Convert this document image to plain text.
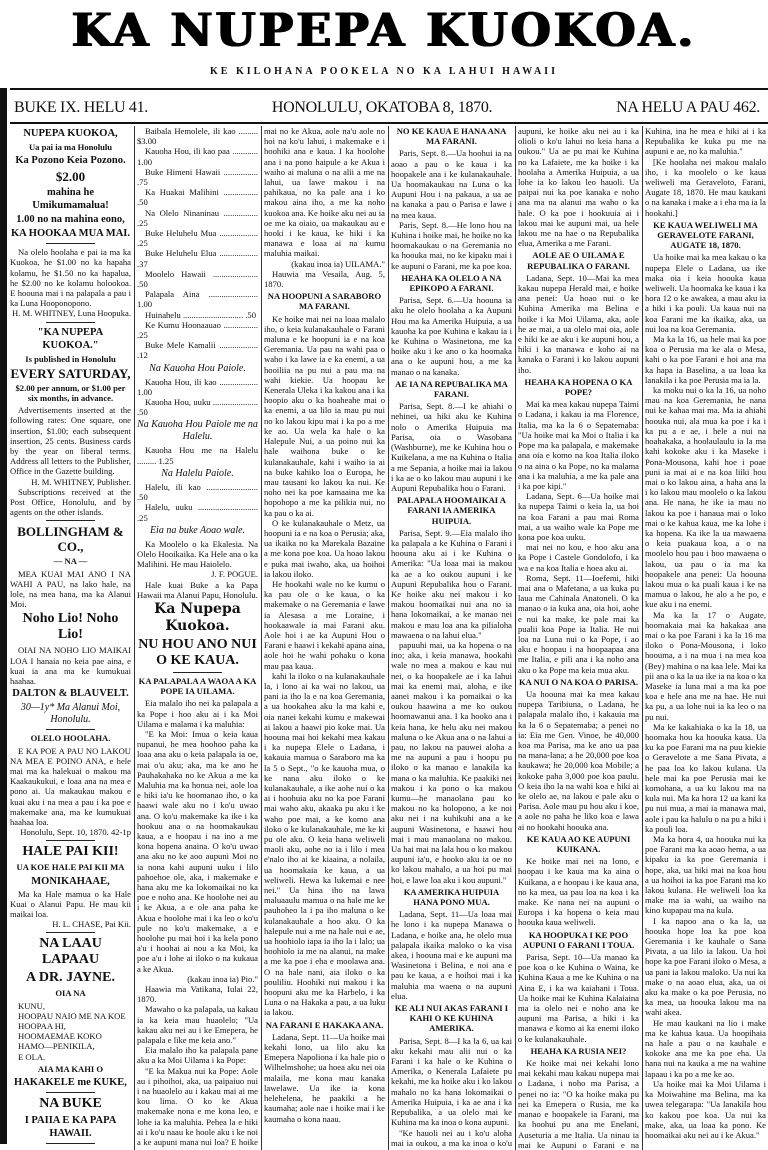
KA NUPEPA KUOKOA.
KE KILOHANA POOKELA NO KA LAHUI HAWAII
BUKE IX. HELU 41.	HONOLULU, OKATOBA 8, 1870.	NA HELU A PAU 462.

NUPEPA KUOKOA,

Ua pai ia ma Honolulu

Ka Pozono Keia Pozono.

$2.00

mahina he Umikumamalua!

1.00 no na mahina eono,

KA HOOKAA MUA MAI.

Na olelo hoolaha e pai ia ma ka Kuokoa, he $1.00 no ka hapaha kolamu, he $1.50 no ka hapalua, he $2.00 no ke kolamu holookoa. E hoouna mai i na palapala a pau i ka Luna Hooponopono.

H. M. WHITNEY, Luna Hoopuka.

"KA NUPEPA KUOKOA."

Is published in Honolulu

EVERY SATURDAY,

$2.00 per annum, or $1.00 per six months, in advance.

Advertisements inserted at the following rates: One square, one insertion, $1.00; each subsequent insertion, 25 cents. Business cards by the year on liberal terms. Address all letters to the Publisher, Office in the Gazette building.

H. M. WHITNEY, Publisher.

Subscriptions received at the Post Office, Honolulu, and by agents on the other islands.

BOLLINGHAM & CO.,

— NA —

MEA KUAI MAI ANO I NA WAHI A PAU, na lako hale, na lole, na mea hana, ma ka Alanui Moi.

Noho Lio! Noho Lio!

OIAI NA NOHO LIO MAIKAI LOA I hanaia no keia pae aina, e kuai ia ana ma ke kumukuai haahaa.

DALTON & BLAUVELT.

30—1y* Ma Alanui Moi, Honolulu.

OLELO HOOLAHA.

E KA POE A PAU NO LAKOU NA MEA E POINO ANA, e hele mai ma ka halekuai o makou ma Kaakaukukui, e loaa ana na mea e pono ai. Ua makaukau makou e kuai aku i na mea a pau i ka poe e makemake ana, ma ke kumukuai haahaa loa.

Honolulu, Sept. 10, 1870. 42-1p

HALE PAI KII!

UA KOE HALE PAI KII MA

MONIKAHAAE,

Ma ka Hale mamua o ka Hale Kuai o Alanui Papu. He mau kii maikai loa.

H. L. CHASE, Pai Kii.

NA LAAU LAPAAU

A DR. JAYNE.

OIA NA

KUNU,

HOOPAU NAIO ME NA KOE

HOOPAA HI,

HOOMAEMAE KOKO

HAMO—PENIKILA,

E OLA.

AIA MA KAHI O

HAKAKELE me KUKE,

NA BUKE

I PAIIA E KA PAPA HAWAII.

Baibala Hemolele, ili kao ......... $3.00

Kauoha Hou, ili kao paa ............ 1.00

Buke Himeni Hawaii ................ .75

Ka Huakai Malihini ................ .50

Na Olelo Ninaninau ................ .25

Buke Heluhelu Mua .................. .25

Buke Heluhelu Elua .................. .37

Moolelo Hawaii ..................... .50

Palapala Aina ....................... 1.00

Huinahelu ............................ .50

Ke Kumu Hoonaauao ................ .25

Buke Mele Kamalii .................. .12

Na Kauoha Hou Paiole.

Kauoha Hou, ili kao .................. 1.00

Kauoha Hou, uuku ..................... .50

Na Kauoha Hou Paiole me na Halelu.

Kauoha Hou me na Halelu ......... 1.25

Na Halelu Paiole.

Halelu, ili kao ........................ .50

Halelu, uuku ............................ .25

Eia na buke Aoao wale.

Ka Moolelo o ka Ekalesia. Na Olelo Hooikaika. Ka Hele ana o ka Malihini. He mau Haiolelo.

J. F. POGUE.

Hale kuai Buke a ka Papa Hawaii ma Alanui Papu, Honolulu.

Ka Nupepa Kuokoa.

NU HOU ANO NUI O KE KAUA.

KA PALAPALA A WAOA A KA POPE IA UILAMA.

Eia malalo iho nei ka palapala a ka Pope i hoo aku ai i ka Moi Uilama e malama i ka maluhia:

"E ka Moi: Imua o keia kaua nupanui, he mea hoohoo paha ka loaa ana aku o keia palapala ia oe, mai o'u aku; aka, ma ke ano he Pauhakahaka no ke Akua a me ka Maluhia ma ka honua nei, aole loa e hiki ia'u ke hoomanao iho, o ka haawi wale aku no i ko'u uwao ana. O ko'u makemake ka ike i ka hookuu ana o na hoomakaukau kaua, a e hoopau i na ino a me kona hopena anaina. O ko'u uwao ana aku no ke aoo aupuni Moi no ia nona kahi aupuni uuku i lilo pahoehoe ole, aka, i makemake e hana aku me ka lokomaikai no ka poe e noho ana. Ke hoolohe nei au i ke Akua, a e ole ana paha ke Akua e hoolohe mai i ka leo o ko'u pule no ko'u makemake, a e hoolohe pu mai hoi i ka kela pono a'u i hoohai ai nou a ka Moi, ka poe a'u i lohe ai iloko o na kukaua a ke Akua.

(kakau inoa ia) Pio."

Haawia ma Vatikana, Iulai 22, 1870.

Mawaho o ka palapala, ua kakau ia ka keia mau huaolelo; "Ua kakau aku nei au i ke Emepera, he palapala e like me keia ano."

Eia malalo iho ka palapala pane aku a ka Moi Uilama i ka Pope:

"E ka Makua nui ka Pope: Aole au i pihoihoi, aka, ua paipaiuo nui i na huaolelo au i kakau mai ai me kou lima. O ko ke Akua makemake nona e me kona leo, e lohe ia ka maluhia. Pehea la e hiki ai i ko'u naau ke hoole aku i ke noi a ke aupuni mana nui loa? E hoike mai no ke Akua, aole na'u aole no hoi na ko'u lahui, i makemake e i hoohiki ana e kaua. I ka hoolohe ana i na pono haipule a ke Akua i waiho ai maluna o na alii a me na lahui, ua lawe makou i na pahikaua, no ka pale ana i ko makou aina iho, a me ka noho kuokoa ana. Ke hoike aku nei au ia oe me ka oiaio, ua makaukau au e hooki i ke kaua, ke hiki i ka manawa e loaa ai na kumu maluhia maikai.

(kakau inoa ia) UILAMA."

Hauwia ma Vesaila, Aug. 5, 1870.

NA HOOPUNI A SARABORO MA FARANI.

Ke hoike mai nei na loaa malalo iho, o keia kulanakauhale o Farani maluna e ke hoopuni ia e na koa Geremania. Ua pau na wahi paa o waho i ka lawe ia e ka enemi, a ua hooiliia na pu nui a pau ma na wahi kiekie. Ua hoopau ke Kenerala Uleka i ka kakou ana i ka hoopio aku o ka hoaheahe mai o ka enemi, a ua lilo ia mau pu nui no ko lakou kipu mai i ka po a me ke ao. Ua wela ka hale o ka Halepule Nui, a ua poino nui ka hale waihona buke o ke kulanakauhale, kahi i waiho ia ai na buke kahiko loa o Europa, he mau tausani ko lakou ka nui. Ke noho nei ka poe kamaaina me ka hopohopo a me ka pilikia nui, no ka pau o ka ai.

O ke kulanakauhale o Metz, ua hoopuni ia e na koa o Perusia; aka, ua ikaika no ka Marekala Bazaine a me kona poe koa. Ua hoao lakou e puka mai iwaho, aka, ua hoihoi ia lakou iloko.

He hookahi wale no ke kumu o ka pau ole o ke kaua, o ka makemake o na Geremania e lawe ia Alesasa a me Loraine, i hookaawale ia mai Farani aku. Aole hoi i ae ka Aupuni Hou o Farani e haawi i kekahi apana aina, aole hoi he wahi pohaku o kona mau paa kaua.

kahi la iloko o na kulanakauhale la, i lono ai ka wai no lakou, ua pani ia iho la e na koa Geremania, a ua hookahea aku la ma kahi e, oia nanei kekahi kumu e makewai ai lakou a haawi pio koke mai. Ua hoouna mai hoi kekahi mea kakau i ka nupepa Elele o Ladana, i kakauia mamua o Saraboro ma ka la 5 o Sept., "o ke kauoha mua, o ke nana aku iloko o ke kulanakauhale, a ike aohe nui o ka ai i hoohuia aku no ka poe Farani mai waho aku, akaaka pu aku i ke waho poe mai, a ke komo ana iloko o ke kulanakauhale, me ke ki pu ole aku. O keia hana weliweli maoli aku, aohe no ia i lilo i mea e'nalo iho ai ke kiaaina, a nolaila, ua hoomakaia ke kaua, a ua weliweli. Hewa ka lukemai e nee nei." Ua hina iho na lawa maluaaulu mamua o na hale me ke pauhoheo la i pa iho maluna o ke kulanakauhale a hoo aku. O ka halepule nui a me na hale nui e ae, ua hoohiolo iapa ia iho la i lalo; ua hoohiolo ia me na alanui, na make a me ka poe i eha e moolawa ana. O na hale nani, aia iloko o ka pouliliu. Hoohiki nui makou i ka hoopuni aku me ka Harbelo, i ka Luna o na Hakaka a pau, a ua luku ia lakou.

NA FARANI E HAKAKA ANA.

Ladana, Sept. 11—Ua hoike mai kekahi lono, ua lilo aku ka Emepera Napoliona i ka hale pio o Wilhelmshohe; ua hoea aku nei oia malaila, me kona mau kanaka lawelawe. Ua ike ia kona helehelena, he paakiki a he kaumaha; aole nae i hoike mai i ke kaumaha o kona naau.

NO KE KAUA E HANA ANA MA FARANI.

Paris, Sept. 8.—Ua hoohui ia na aoao a pau o ke kaua i ka hoopakele ana i ke kulanakauhale. Ua hoomakaukau na Luna o ka Aupuni Hou i na pakaua, a ua ae na kanaka a pau o Parisa e lawe i na mea kaua.

Paris, Sept. 8.—He lono hou na Kuhina i hoike mai, he hoike no ka hoomakaukau o na Geremania no ka hoouka mai, no ke kipaku mai i ke aupuni o Farani, me ka poe koa.

HEAHA KA OLELO A NA EPIKOPO A FARANI.

Parisa, Sept. 6.—Ua hoouna ia aku he olelo hoolaha a ka Aupuni Hou ma ka Amerika Huipuia, a ua kauoha ka poe Kuhina e kakau ia i ke Kuhina o Wasinetona, me ka hoike aku i ke ano o ka hoomaka ana o ke aupuni hou, a me ka manao o na kanaka.

AE IA NA REPUBALIKA MA FARANI.

Parisa, Sept. 8.—I ke ahiahi o nehinei, ua hiki aku ke Kuhina nolo o Amerika Huipuia ma Parisa, oia o Wasobana (Washburne), me ke Kuhina hou o Kuikelana, a me na Kuhina o Italia a me Sepania, a hoike mai ia lakou i ka ae o ko lakou mau aupuni i ke Aupuni Repubalika hou o Farani.

PALAPALA HOOMAIKAI A FARANI IA AMERIKA HUIPUIA.

Parisa, Sept. 9.—Eia malalo iho ka palapala a ke Kuhina o Farani i hoouna aku ai i ke Kuhina o Amerika: "Ua loaa mai ia makou ka ae a ko oukou aupuni i ke Aupuni Repubalika hou o Farani. Ke hoike aku nei makou i ko makou hoomaikai nui ana no ia hana lokomaikai, a ke manao nei makou e mau loa ana ka pilialoha mawaena o na lahui elua."

papuuhi mai, ua ka hopena o na ino; aka, i keia manawa, hookahi wale no mea a makou e kau nui nei, o ka hoopakele ae i ka lahui mai ka enemi mai, aloha, e ike aanei makou i ka pomaikai o ka oukou haawina a me ko oukou hoomawanui ana. I ka hooko ana i keia hana, ke helu aku nei makou maluna o ke Akua ana o na lahui a pau, no lakou na pauwei aloha a me na aupuni a pau i hoopu pu iloko o ka manao e lanakila ka mana o ka maluhia. Ke paakiki nei makou i ka pono o ka makou kumu—he manaolana pau ko makou no ka holopono, a ke noi aku nei i na kuhikuhi ana a ke aupuni Wasinetona, e haawi hou mai i mau manaolana no makou. Ua hai mai na lala hou o ko makou aupuni ia'u, e hooko aku ia oe no ko lakou mahalo, a ua hoi pu mai hoi, e lawe loa aku i kou aupuni."

KA AMERIKA HUIPUIA HANA PONO MUA.

Ladana, Sept. 11—Ua loaa mai he lono i ka nupepa Manawa o Ladana, e hoike ana, he olelo mua palapala ikaika maloko o ka visa akea, i hoouna mai e ke aupuni ma Wasinetona i Belina, e noi ana e pau ke kaua, a e hoihoi mai i ka maluhia ma waena o na aupuni elua.

KE ALI NUI AKAS FARANI I KAHI O KE KUHINA AMERIKA.

Parisa, Sept. 8—I ka la 6, ua kai aku kekahi mau alii nui o ka Farani i ka hale o ke Kuhina o Amerika, o Kenerala Lafaiete pu kekahi, me ka hoike aku i ko lakou mahalo no ka hana lokomaikai o Amerika Huipuia, i ka ae ana i ka Repubalika, a ua olelo mai ke Kuhina ma ka inoa o kona aupuni.

"Ke hauoli nei au i ko'u aloha mai ia oukou, a ma ka inoa o ko'u aupuni, ke hoike aku nei au i ka olioli o ko'u lahui no keia hana a oukou." Ua ae pu mai ke Kuhina no ka Lafaiete, me ka hoike i ka hoolaha a Amerika Huipuia, a ua lohe ia ko lakou leo hauoli. Ua paipai nui ka poe kanaka e noho ana ma na alanui ma waho o ka hale. O ka poe i hookuuia ai i lakou mai ke aupuni mai, ua hele lakou me na hae o na Repubalika elua, Amerika a me Farani.

AOLE AE O UILAMA E REPUBALIKA O FARANI.

Ladana, Sept. 10—Mai ka mea kakau nupepa Herald mai, e hoike ana penei: Ua hoao nui o ke Kuhina Amerika ma Belina e hoike i ka Moi Uilama, aka, aole he ae mai, a ua olelo mai oia, aole e hiki ke ae aku i ke aupuni hou, a hiki i ka manawa e koho ai na kanaka o Farani i ko lakou aupuni iho.

HEAHA KA HOPENA O KA POPE?

Mai ka mea kakau nupepa Taimi o Ladana, i kakau ia ma Florence, Italia, ma ka la 6 o Sepatemaba: "Ua hoike mai ka Moi o Italia i ka Pope ma ka palapala, e makemake ana oia e komo na koa Italia iloko o na aina o ka Pope, no ka malama ana i ka maluhia, a me ka pale ana i ka poe kipi."

Ladana, Sept. 6—Ua hoike mai ka nupepa Taimi o keia la, ua hoi na koa Farani a pau mai Roma mai, a ua waiho wale ka Pope me kona poe koa uuku.

mai nei no kou, e hoo aku ana ka Pope i Castele Gondolofo, i ka wa e na koa Italia e hoea aku ai.

Roma, Sept. 11—Ioefemi, hiki mai ana o Mafetana, a ua kuka pu laua me Cahinala Anatoneli. O ka manao o ia kuka ana, oia hoi, aohe e nui ka make, ke pale mai ka pualii koa Pope ia Italia. He nui loa na Luna nui o ka Pope, i ao aku e hoopau i na hoopaapaa ana me Italia, e pili ana i ka noho ana aku o ka Pope ma keia mua aku.

KA NUI O NA KOA O PARISA.

Ua hoouna mai ka mea kakau nupepa Taribiuna, o Ladana, he palapala malalo iho, i kakauia ma ka la 6 o Sepatemaba; a penei no ia: Eia me Gen. Vinoe, he 40,000 koa ma Parisa, ma ke ano ua paa na mana-lana; a he 20,000 poe koa kaukawa; he 20,000 koa Mobile; a kokoke paha 3,000 poe koa paulu. O keia iho la na wahi koa e hiki ai ke olelo ae, na lakou e pale aku o Parisa. Aole mau pu hou aku i koe, a aole no paha he liko koa e lawa ai no hookahi hoouka ana.

KE KAUA AO KE AUPUNI KUIKANA.

Ke hoike mai nei na lono, e hoopau i ke kaua ma ka aina o Kuikana, a e hoopau i ke kaua ana, no ka mea, ua pau loa na koa i ka make. Ke nana nei na aupuni o Europa i ka hopena o keia mau hoouka kaua weliweli.

KA HOOPUKA I KE POO AUPUNI O FARANI I TOUA.

Parisa, Sept. 10—Ua manao ka poe koa o ke Kuhina o Waina, ke Kuhina Kaua a me ke Kuhina o na Aina E, i ka wa kaiahani i Toua. Ua hoike mai ke Kuhina Kalaiaina ma ia olelo nei e noho ana ke aupuni ma Parisa, a hiki i ka manawa e komo ai ka enemi iloko o ke kulanakauhale.

HEAHA KA RUSIA NEI?

Ke hoike mai nei kekahi lono mai kekahi mau kakau nupepa mai o Ladana, i noho ma Parisa, a penei no ia: "O ka hoike maka pu nei ka Emepera o Rusia, me ka manao e hoopakele ia Farani, ma ka hoohui pu ana me Enelani, Auseturia a me Italia. Ua ninau ia mai ke Aupuni o Farani e na Kuhina, ina he mea e hiki ai i ka Repubalika ke kuka pu me na aupuni e ae, no ka maluhia."

[Ke hoolaha nei makou malalo iho, i ka moolelo o ke kaua weliweli ma Geraveloto, Farani, Augate 18, 1870. He mau kaukani o na kanaka i make a i eha ma ia la hookahi.]

KE KAUA WELIWELI MA GERAVELOTE FARANI, AUGATE 18, 1870.

Ua hoike mai ka mea kakau o ka nupepa Elele o Ladana, ua ike maka oia i keia hoouka kaua weliweli. Ua hoomaka ke kaua i ka hora 12 o ke awakea, a mau aku ia a hiki i ka pouli. Ua kaua nui na koa Farani me ka ikaika, aka, ua nui loa na koa Geremania.

Ma ka la 16, ua hele mai ka poe koa o Perusia ma ke ala o Mesa, kahi o ka poe Farani e hoi ana ma ka hapa ia Baselina, a ua loaa ka lanakila i ka poe Perusia ma ia la.

ka moku nui o ka la 16, ua noho mau na koa Geremania, he nana nui ke kahaa mai ma. Ma ia ahiahi hoouka nui, ala mua ka poe i ka i ka pu a e ae, i hele a nui na hoahakaka, a hoolaulaulu ia la ma kahi kokoke aku i ka Maseke i Pona-Mousona, kahi hoe i poae puni ia mai ai e na koa liiki hou mai o ko lakou aina, a haha ana la i ko lakou mau moolelo o ka lakou ana. He nana, he ike ia mau no lakou ka poe i hanaua mai o loko mai o ke kahua kaua, me ka lohe i ka hopena. Ka ike la ua mawaena o keia puakaua koa, a o na moolelo hou pau i hoo mawaena o lakou, ua pau o ia ma ka hoopakele ana penei: Ua hoouna lakou mua o ka puali kaua i ke na mamua o lakou, he alo a he po, e kue aku i na enemi.

Ma ka la 17 o Augate, hoomakaia mai ka hakakaa ana mai o ka poe Farani i ka la 16 ma iloko o Pona-Mousona, i loko hoouma, a i na mua i na mea koa (Bey) mahina o na kaa lele. Mai ka pii ana o ka la ua ike ia na koa o ka Maseke ia luna mai a ma ka poe koa e hele ana me na hae. He nui ka pu, a ua lohe nui ia ka leo o na pu nui.

Ma ke kakahiaka o ka la 18, ua hoomaka hou ka hoouka kaua. Ua ku ka poe Farani ma na puu kiekie o Geravelote a me Sana Pivata, a he paa loa ko lakou kulana. Ua hele mai ka poe Perusia mai ke komohana, a ua ku lakou ma na kula nui. Ma ka hora 12 ua kani ka pu nui mua, a mai ia manawa mai, aole i pau ka halulu o na pu a hiki i ka pouli loa.

Ma ka hora 4, ua hoouka nui ka poe Farani ma ka aoao hema, a ua kipaku ia ka poe Geremania i hope, aka, ua hiki mai na koa hou a ua hoihoi ia ka poe Farani ma ko lakou kulana. He weliweli loa ka make ma ia wahi, ua waiho na kino kupapau ma na kula.

I ka napoo ana o ka la, ua hoouka hope loa ka poe koa Geremania i ke kauhale o Sana Pivata, a ua lilo ia lakou. Ua hoi hope ka poe Farani iloko o Mesa, a ua pani ia lakou maloko. Ua nui ka make o na aoao elua, aka, ua oi aku ka make o ka poe Perusia, no ka mea, ua hoouka lakou ma na wahi akea.

He mau kaukani na lio i make ma ke kahua kaua. Ua hoopihaia na hale a pau o na kauhale e kokoke ana me ka poe eha. Ua hana nui na kauka a me na wahine lapaau i ka po a me ke ao.

Ua hoike mai ka Moi Uilama i ka Moiwahine ma Belina, ma ka uwea telegarapa: "Ua lanakila hou ko kakou poe koa. Ua nui ka make, aka, ua loaa ka pono. Ke hoomaikai aku nei au i ke Akua."
